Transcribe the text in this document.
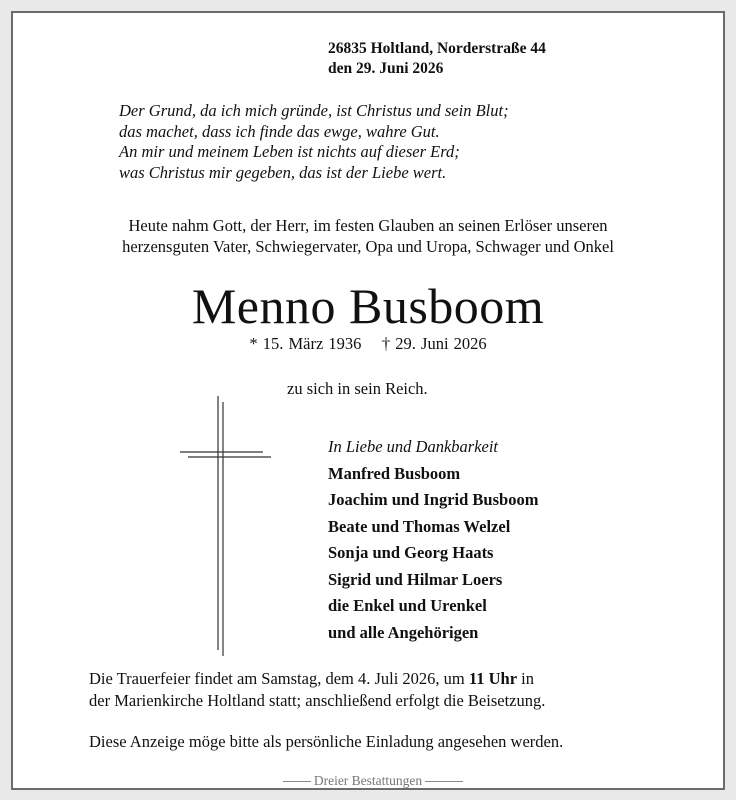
26835 Holtland, Norderstraße 44
den 29. Juni 2026
Der Grund, da ich mich gründe, ist Christus und sein Blut;
das machet, dass ich finde das ewge, wahre Gut.
An mir und meinem Leben ist nichts auf dieser Erd;
was Christus mir gegeben, das ist der Liebe wert.
Heute nahm Gott, der Herr, im festen Glauben an seinen Erlöser unseren
herzensguten Vater, Schwiegervater, Opa und Uropa, Schwager und Onkel
Menno Busboom
* 15. März 1936 † 29. Juni 2026
zu sich in sein Reich.
In Liebe und Dankbarkeit
Manfred Busboom
Joachim und Ingrid Busboom
Beate und Thomas Welzel
Sonja und Georg Haats
Sigrid und Hilmar Loers
die Enkel und Urenkel
und alle Angehörigen
Die Trauerfeier findet am Samstag, dem 4. Juli 2026, um 11 Uhr in
der Marienkirche Holtland statt; anschließend erfolgt die Beisetzung.
Diese Anzeige möge bitte als persönliche Einladung angesehen werden.
Dreier Bestattungen
